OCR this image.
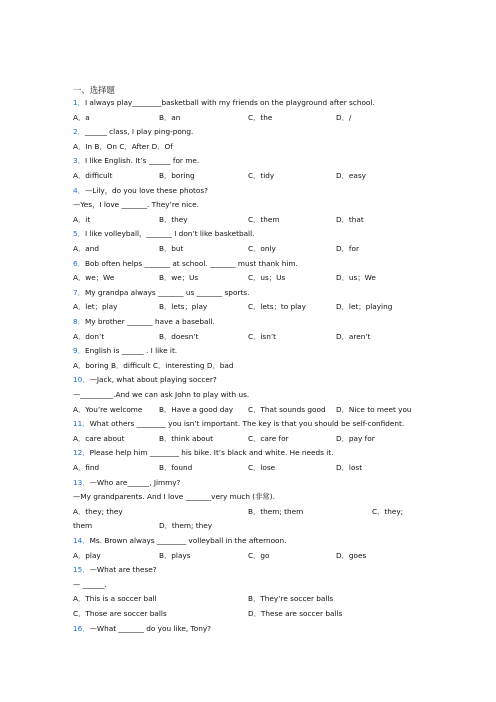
一、选择题
1．I always play________basketball with my friends on the playground after school.
A．a	B．an	C．the	D．/
2．______ class, I play ping-pong.
A．In B．On C．After D．Of
3．I like English. It’s ______ for me.
A．difficult	B．boring	C．tidy	D．easy
4．—Lily，do you love these photos?
—Yes，I love _______. They’re nice.
A．it	B．they	C．them	D．that
5．I like volleyball，_______ I don’t like basketball.
A．and	B．but	C．only	D．for
6．Bob often helps _______ at school. _______ must thank him.
A．we；We	B．we；Us	C．us；Us	D．us；We
7．My grandpa always _______ us _______ sports.
A．let；play	B．lets；play	C．lets；to play	D．let；playing
8．My brother _______ have a baseball.
A．don’t	B．doesn’t	C．isn’t	D．aren’t
9．English is ______ . I like it.
A．boring B．difficult C．interesting D．bad
10．—Jack, what about playing soccer?
—_________.And we can ask John to play with us.
A．You’re welcome B．Have a good day C．That sounds good D．Nice to meet you
11．What others ________ you isn’t important. The key is that you should be self-confident.
A．care about	B．think about	C．care for	D．pay for
12．Please help him ________ his bike. It’s black and white. He needs it.
A．find	B．found	C．lose	D．lost
13．—Who are______, Jimmy?
—My grandparents. And I love _______very much (非常).
A．they; they	B．them; them	C．they;
them	D．them; they
14．Ms. Brown always ________ volleyball in the afternoon.
A．play	B．plays	C．go	D．goes
15．—What are these?
— ______.
A．This is a soccer ball	B．They’re soccer balls
C．Those are soccer balls	D．These are soccer balls
16．—What _______ do you like, Tony?
